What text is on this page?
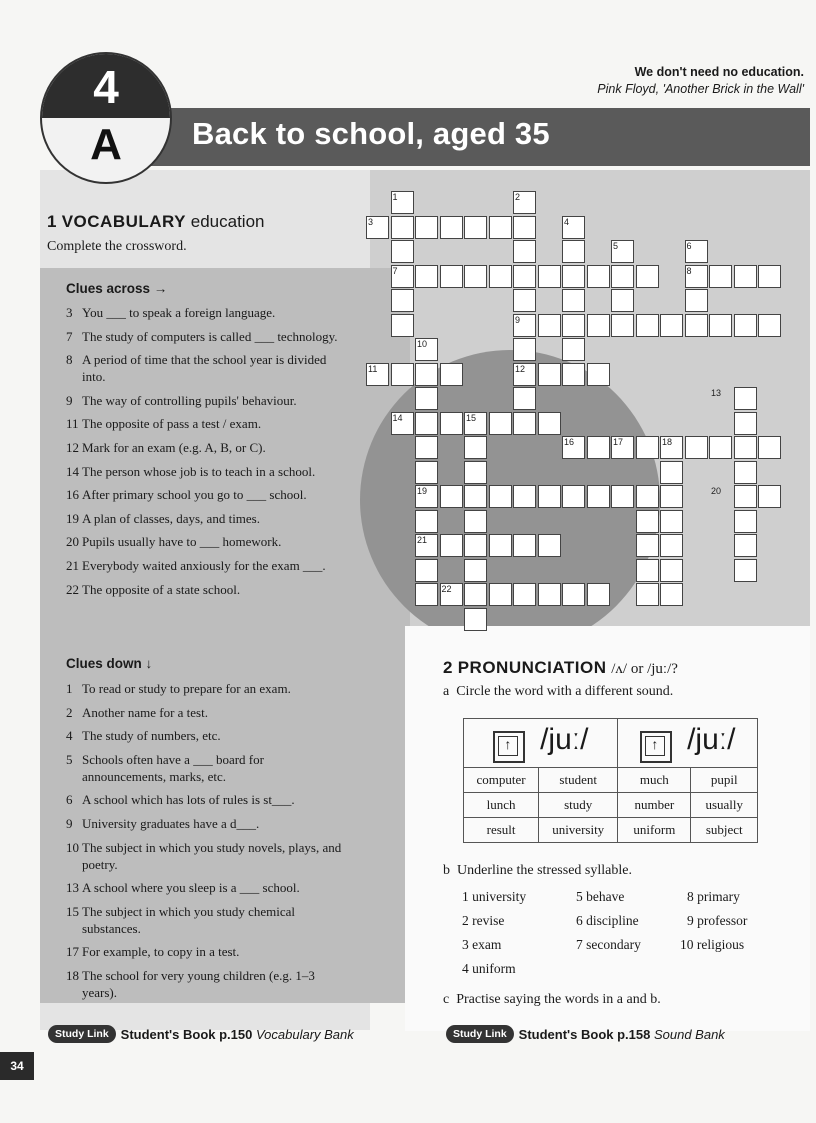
Back to school, aged 35
4
A
We don't need no education.
Pink Floyd, 'Another Brick in the Wall'
1 VOCABULARY education
Complete the crossword.
Clues across →
3 You ___ to speak a foreign language.
7 The study of computers is called ___ technology.
8 A period of time that the school year is divided into.
9 The way of controlling pupils' behaviour.
11 The opposite of pass a test / exam.
12 Mark for an exam (e.g. A, B, or C).
14 The person whose job is to teach in a school.
16 After primary school you go to ___ school.
19 A plan of classes, days, and times.
20 Pupils usually have to ___ homework.
21 Everybody waited anxiously for the exam ___.
22 The opposite of a state school.
Clues down ↓
1 To read or study to prepare for an exam.
2 Another name for a test.
4 The study of numbers, etc.
5 Schools often have a ___ board for announcements, marks, etc.
6 A school which has lots of rules is st___.
9 University graduates have a d___.
10 The subject in which you study novels, plays, and poetry.
13 A school where you sleep is a ___ school.
15 The subject in which you study chemical substances.
17 For example, to copy in a test.
18 The school for very young children (e.g. 1–3 years).
1	2
3	4
5	6
7	8
9
10
11	12
13
14	15
16	17	18
19	20
21
22
2 PRONUNCIATION /ʌ/ or /juː/?
a Circle the word with a different sound.
↑ /juː/		↑ /juː/	
computer	student	much	pupil
lunch	study	number	usually
result	university	uniform	subject
b Underline the stressed syllable.
1 university	5 behave	8 primary
2 revise	6 discipline	9 professor
3 exam	7 secondary	10 religious
4 uniform
c Practise saying the words in a and b.
Study Link Student's Book p.150
Vocabulary Bank	Study Link Student's Book p.158
Sound Bank
34
